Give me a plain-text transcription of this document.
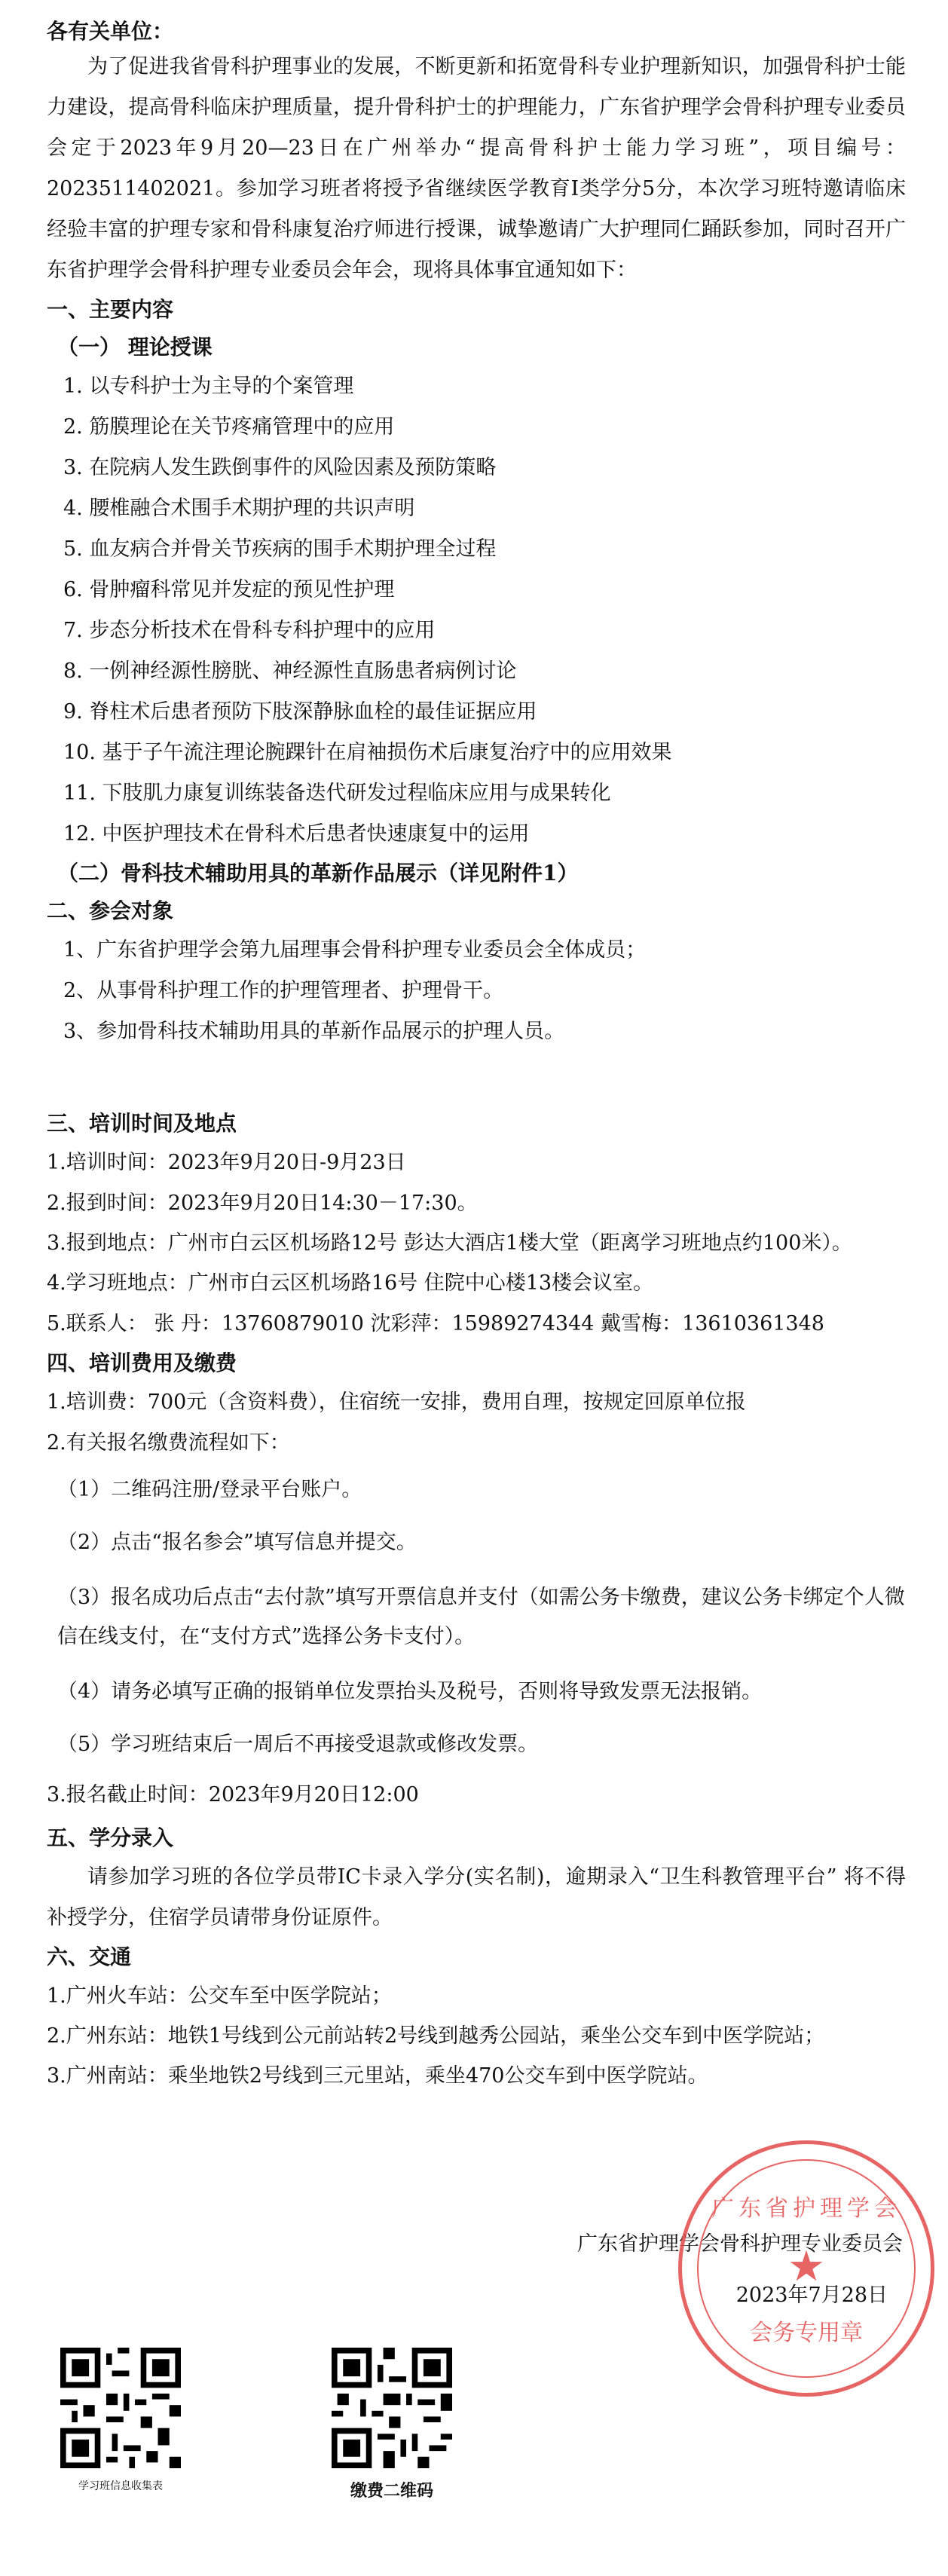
各有关单位：

为了促进我省骨科护理事业的发展，不断更新和拓宽骨科专业护理新知识，加强骨科护士能力建设，提高骨科临床护理质量，提升骨科护士的护理能力，广东省护理学会骨科护理专业委员会定于2023年9月20—23日在广州举办“提高骨科护士能力学习班”，项目编号：2023511402021。参加学习班者将授予省继续医学教育I类学分5分，本次学习班特邀请临床经验丰富的护理专家和骨科康复治疗师进行授课，诚挚邀请广大护理同仁踊跃参加，同时召开广东省护理学会骨科护理专业委员会年会，现将具体事宜通知如下：

一、主要内容

（一） 理论授课

1. 以专科护士为主导的个案管理

2. 筋膜理论在关节疼痛管理中的应用

3. 在院病人发生跌倒事件的风险因素及预防策略

4. 腰椎融合术围手术期护理的共识声明

5. 血友病合并骨关节疾病的围手术期护理全过程

6. 骨肿瘤科常见并发症的预见性护理

7. 步态分析技术在骨科专科护理中的应用

8. 一例神经源性膀胱、神经源性直肠患者病例讨论

9. 脊柱术后患者预防下肢深静脉血栓的最佳证据应用

10. 基于子午流注理论腕踝针在肩袖损伤术后康复治疗中的应用效果

11. 下肢肌力康复训练装备迭代研发过程临床应用与成果转化

12. 中医护理技术在骨科术后患者快速康复中的运用

（二）骨科技术辅助用具的革新作品展示（详见附件1）

二、参会对象

1、广东省护理学会第九届理事会骨科护理专业委员会全体成员；

2、从事骨科护理工作的护理管理者、护理骨干。

3、参加骨科技术辅助用具的革新作品展示的护理人员。

三、培训时间及地点

1.培训时间：2023年9月20日-9月23日

2.报到时间：2023年9月20日14:30－17:30。

3.报到地点：广州市白云区机场路12号 彭达大酒店1楼大堂（距离学习班地点约100米）。

4.学习班地点：广州市白云区机场路16号 住院中心楼13楼会议室。

5.联系人： 张 丹：13760879010 沈彩萍：15989274344 戴雪梅：13610361348

四、培训费用及缴费

1.培训费：700元（含资料费），住宿统一安排，费用自理，按规定回原单位报

2.有关报名缴费流程如下：

（1）二维码注册/登录平台账户。

（2）点击“报名参会”填写信息并提交。

（3）报名成功后点击“去付款”填写开票信息并支付（如需公务卡缴费，建议公务卡绑定个人微信在线支付，在“支付方式”选择公务卡支付）。

（4）请务必填写正确的报销单位发票抬头及税号，否则将导致发票无法报销。

（5）学习班结束后一周后不再接受退款或修改发票。

3.报名截止时间：2023年9月20日12:00

五、学分录入

请参加学习班的各位学员带IC卡录入学分(实名制)，逾期录入“卫生科教管理平台” 将不得补授学分，住宿学员请带身份证原件。

六、交通

1.广州火车站：公交车至中医学院站；

2.广州东站：地铁1号线到公元前站转2号线到越秀公园站，乘坐公交车到中医学院站；

3.广州南站：乘坐地铁2号线到三元里站，乘坐470公交车到中医学院站。

广东省护理学会骨科护理专业委员会
2023年7月28日
★
广东省护理学会
会务专用章
学习班信息收集表	缴费二维码
